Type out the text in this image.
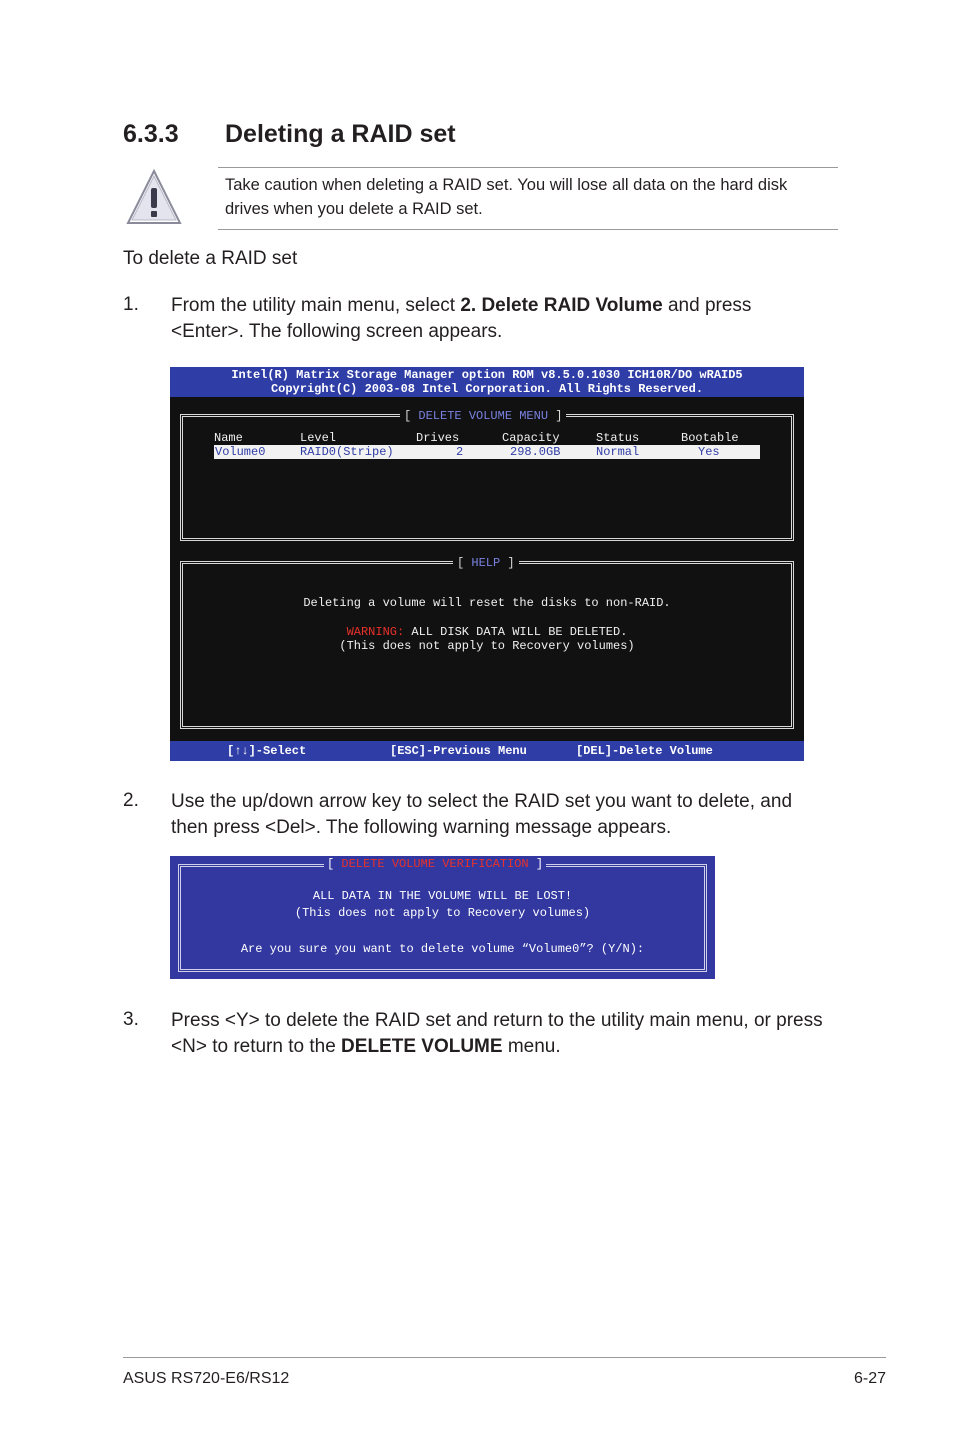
6.3.3 Deleting a RAID set
Take caution when deleting a RAID set. You will lose all data on the hard disk
drives when you delete a RAID set.
To delete a RAID set
1. From the utility main menu, select 2. Delete RAID Volume and press
<Enter>. The following screen appears.
Intel(R) Matrix Storage Manager option ROM v8.5.0.1030 ICH10R/DO wRAID5
Copyright(C) 2003-08 Intel Corporation. All Rights Reserved.
[ DELETE VOLUME MENU ]
Name	Level	Drives	Capacity	Status	Bootable
Volume0	RAID0(Stripe)	2	298.0GB	Normal	Yes
[ HELP ]
Deleting a volume will reset the disks to non-RAID.
WARNING: ALL DISK DATA WILL BE DELETED.
(This does not apply to Recovery volumes)
[↑↓]-Select	[ESC]-Previous Menu	[DEL]-Delete Volume
2. Use the up/down arrow key to select the RAID set you want to delete, and
then press <Del>. The following warning message appears.
[ DELETE VOLUME VERIFICATION ]
ALL DATA IN THE VOLUME WILL BE LOST!
(This does not apply to Recovery volumes)
Are you sure you want to delete volume “Volume0”? (Y/N):
3. Press <Y> to delete the RAID set and return to the utility main menu, or press
<N> to return to the DELETE VOLUME menu.
ASUS RS720-E6/RS12	6-27
